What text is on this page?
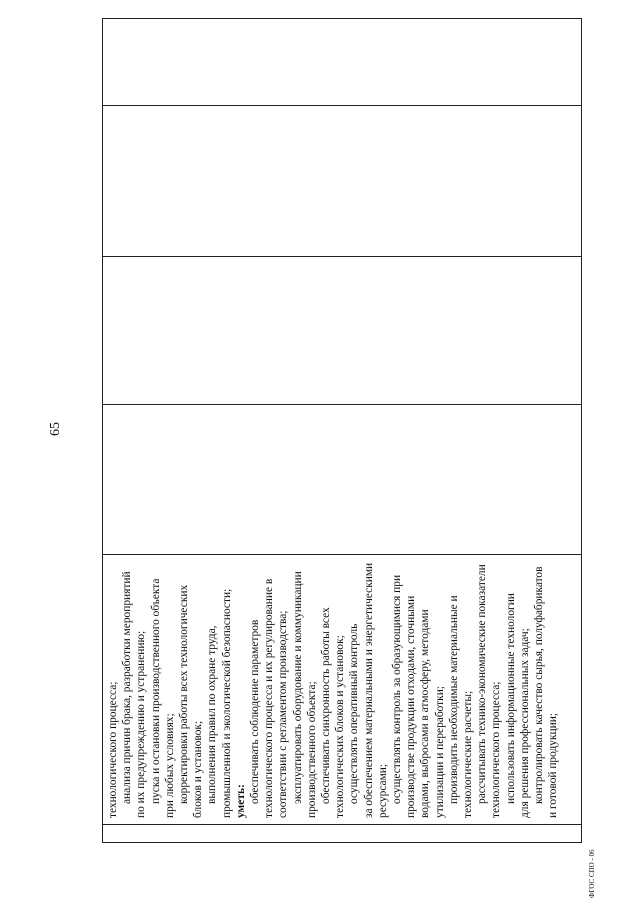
технологического процесса; анализа причин брака, разработки мероприятий по их предупреждению и устранению; пуска и остановки производственного объекта при любых условиях; корректировки работы всех технологических блоков и установок; выполнения правил по охране труда, промышленной и экологической безопасности; уметь: обеспечивать соблюдение параметров технологического процесса и их регулирование в соответствии с регламентом производства; эксплуатировать оборудование и коммуникации производственного объекта; обеспечивать синхронность работы всех технологических блоков и установок; осуществлять оперативный контроль за обеспечением материальными и энергетическими ресурсами; осуществлять контроль за образующимися при производстве продукции отходами, сточными водами, выбросами в атмосферу, методами утилизации и переработки; производить необходимые материальные и технологические расчеты; рассчитывать технико-экономические показатели технологического процесса; использовать информационные технологии для решения профессиональных задач; контролировать качество сырья, полуфабрикатов и готовой продукции;
65
ФГОС СПО - 06
